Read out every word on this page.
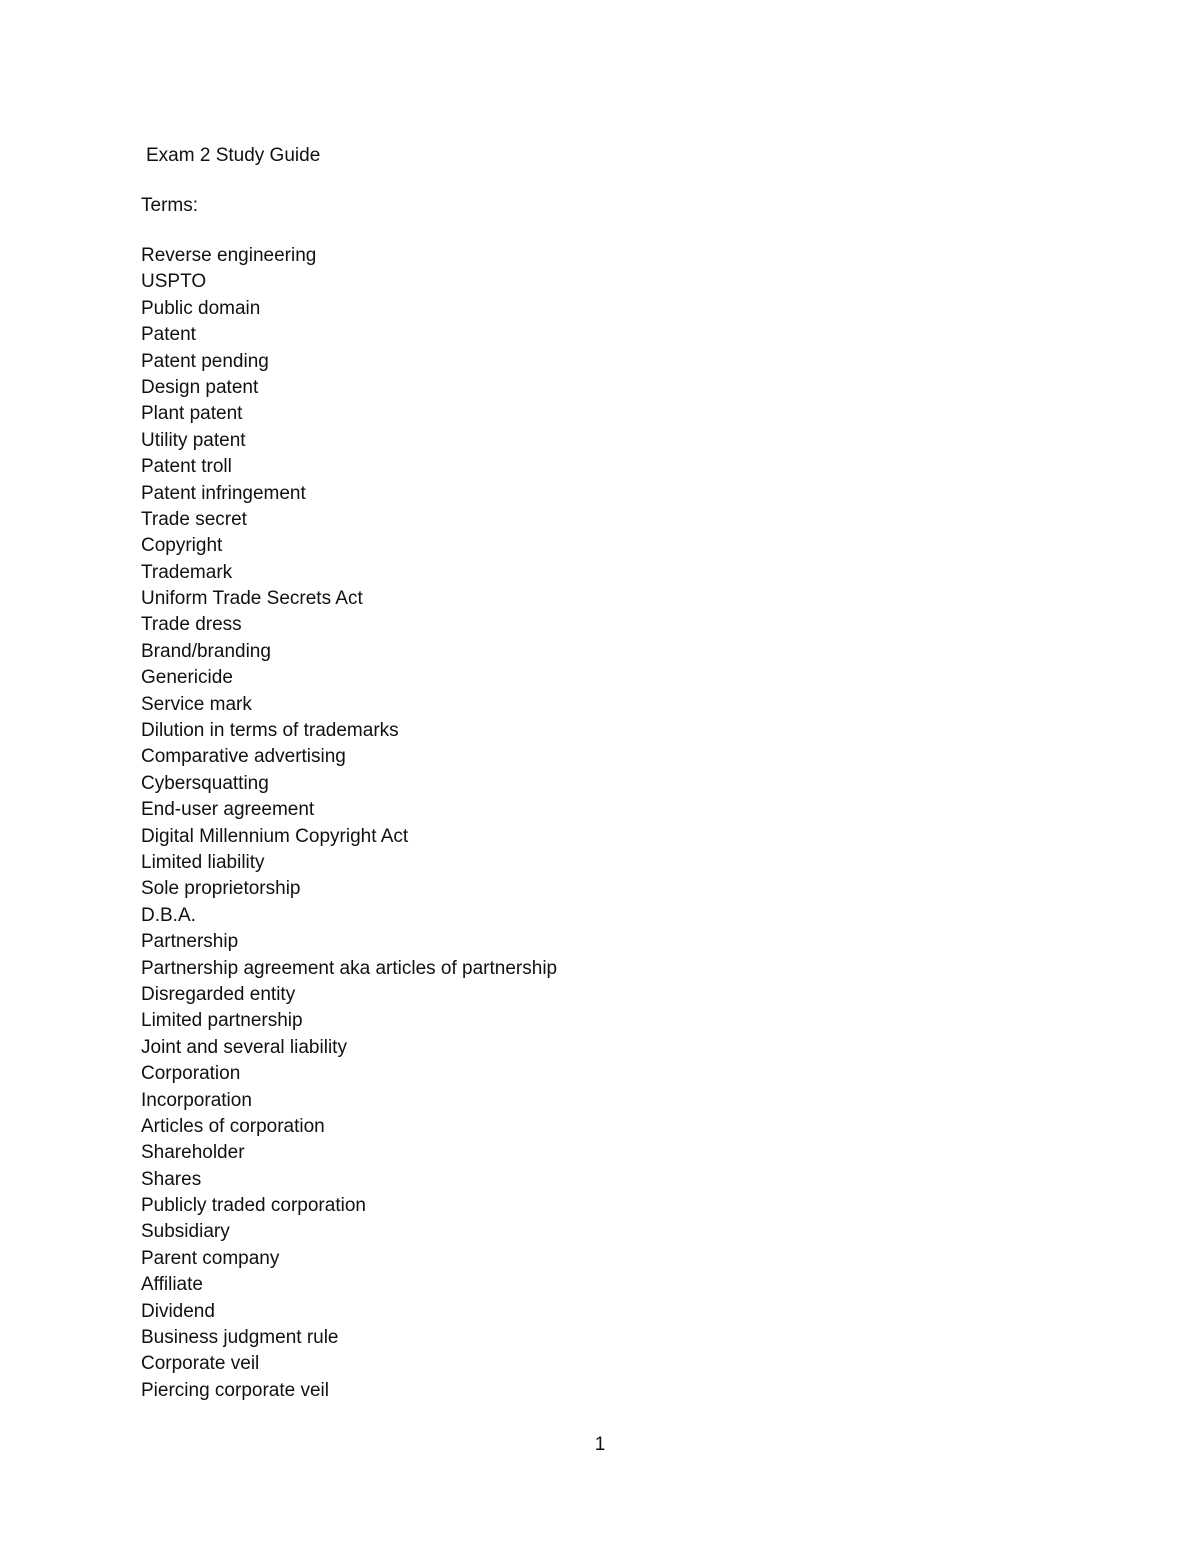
Exam 2 Study Guide
Terms:
Reverse engineering
USPTO
Public domain
Patent
Patent pending
Design patent
Plant patent
Utility patent
Patent troll
Patent infringement
Trade secret
Copyright
Trademark
Uniform Trade Secrets Act
Trade dress
Brand/branding
Genericide
Service mark
Dilution in terms of trademarks
Comparative advertising
Cybersquatting
End-user agreement
Digital Millennium Copyright Act
Limited liability
Sole proprietorship
D.B.A.
Partnership
Partnership agreement aka articles of partnership
Disregarded entity
Limited partnership
Joint and several liability
Corporation
Incorporation
Articles of corporation
Shareholder
Shares
Publicly traded corporation
Subsidiary
Parent company
Affiliate
Dividend
Business judgment rule
Corporate veil
Piercing corporate veil
1
